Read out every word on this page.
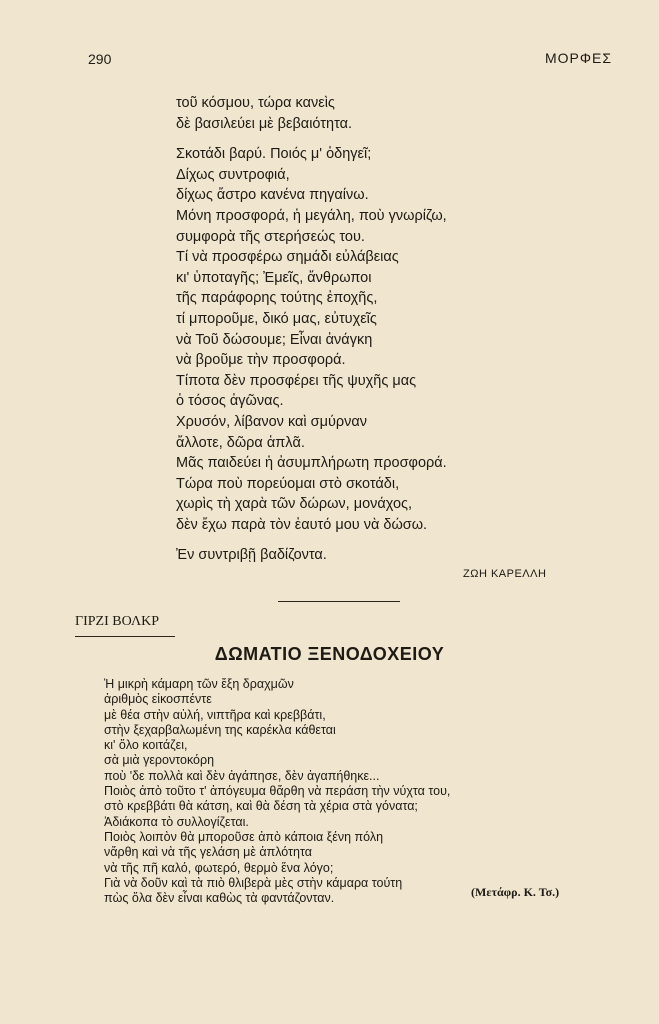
290	ΜΟΡΦΕΣ
τοῦ κόσμου, τώρα κανεὶς
δὲ βασιλεύει μὲ βεβαιότητα.
Σκοτάδι βαρύ. Ποιός μ' ὁδηγεῖ;
Δίχως συντροφιά,
δίχως ἄστρο κανένα πηγαίνω.
Μόνη προσφορά, ἡ μεγάλη, ποὺ γνωρίζω,
συμφορὰ τῆς στερήσεώς του.
Τί νὰ προσφέρω σημάδι εὐλάβειας
κι' ὑποταγῆς; Ἐμεῖς, ἄνθρωποι
τῆς παράφορης τούτης ἐποχῆς,
τί μποροῦμε, δικό μας, εὐτυχεῖς
νὰ Τοῦ δώσουμε; Εἶναι ἀνάγκη
νὰ βροῦμε τὴν προσφορά.
Τίποτα δὲν προσφέρει τῆς ψυχῆς μας
ὁ τόσος ἀγῶνας.
Χρυσόν, λίβανον καὶ σμύρναν
ἄλλοτε, δῶρα ἁπλᾶ.
Μᾶς παιδεύει ἡ ἀσυμπλήρωτη προσφορά.
Τώρα ποὺ πορεύομαι στὸ σκοτάδι,
χωρὶς τὴ χαρὰ τῶν δώρων, μονάχος,
δὲν ἔχω παρὰ τὸν ἑαυτό μου νὰ δώσω.
Ἐν συντριβῇ βαδίζοντα.
ΖΩΗ ΚΑΡΕΛΛΗ
ΓΙΡΖΙ ΒΟΛΚΡ
ΔΩΜΑΤΙΟ ΞΕΝΟΔΟΧΕΙΟΥ
Ἡ μικρὴ κάμαρη τῶν ἔξη δραχμῶν
ἀριθμὸς εἰκοσπέντε
μὲ θέα στὴν αὐλή, νιπτῆρα καὶ κρεββάτι,
στὴν ξεχαρβαλωμένη της καρέκλα κάθεται
κι' ὅλο κοιτάζει,
σὰ μιὰ γεροντοκόρη
ποὺ 'δε πολλὰ καὶ δὲν ἀγάπησε, δὲν ἀγαπήθηκε...
Ποιὸς ἀπὸ τοῦτο τ' ἀπόγευμα θἄρθη νὰ περάση τὴν νύχτα του,
στὸ κρεββάτι θὰ κάτση, καὶ θὰ δέση τὰ χέρια στὰ γόνατα;
Ἀδιάκοπα τὸ συλλογίζεται.
Ποιὸς λοιπὸν θὰ μποροῦσε ἀπὸ κάποια ξένη πόλη
νἄρθη καὶ νὰ τῆς γελάση μὲ ἁπλότητα
νὰ τῆς πῆ καλό, φωτερό, θερμὸ ἕνα λόγο;
Γιὰ νὰ δοῦν καὶ τὰ πιὸ θλιβερὰ μὲς στὴν κάμαρα τούτη
πὼς ὅλα δὲν εἶναι καθὼς τὰ φαντάζονταν.	(Μετάφρ. Κ. Τσ.)
